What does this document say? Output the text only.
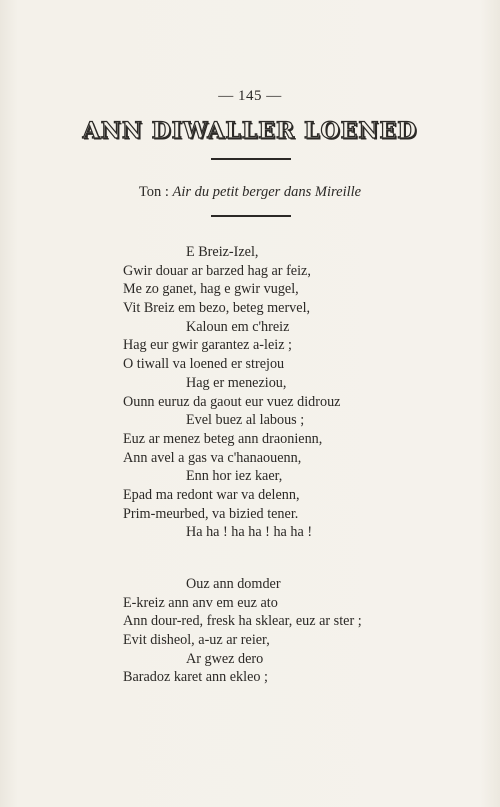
— 145 —
ANN DIWALLER LOENED
Ton : Air du petit berger dans Mireille
E Breiz-Izel,
Gwir douar ar barzed hag ar feiz,
Me zo ganet, hag e gwir vugel,
Vit Breiz em bezo, beteg mervel,
Kaloun em c'hreiz
Hag eur gwir garantez a-leiz ;
O tiwall va loened er strejou
Hag er meneziou,
Ounn euruz da gaout eur vuez didrouz
Evel buez al labous ;
Euz ar menez beteg ann draonienn,
Ann avel a gas va c'hanaouenn,
Enn hor iez kaer,
Epad ma redont war va delenn,
Prim-meurbed, va bizied tener.
Ha ha ! ha ha ! ha ha !
Ouz ann domder
E-kreiz ann anv em euz ato
Ann dour-red, fresk ha sklear, euz ar ster ;
Evit disheol, a-uz ar reier,
Ar gwez dero
Baradoz karet ann ekleo ;
